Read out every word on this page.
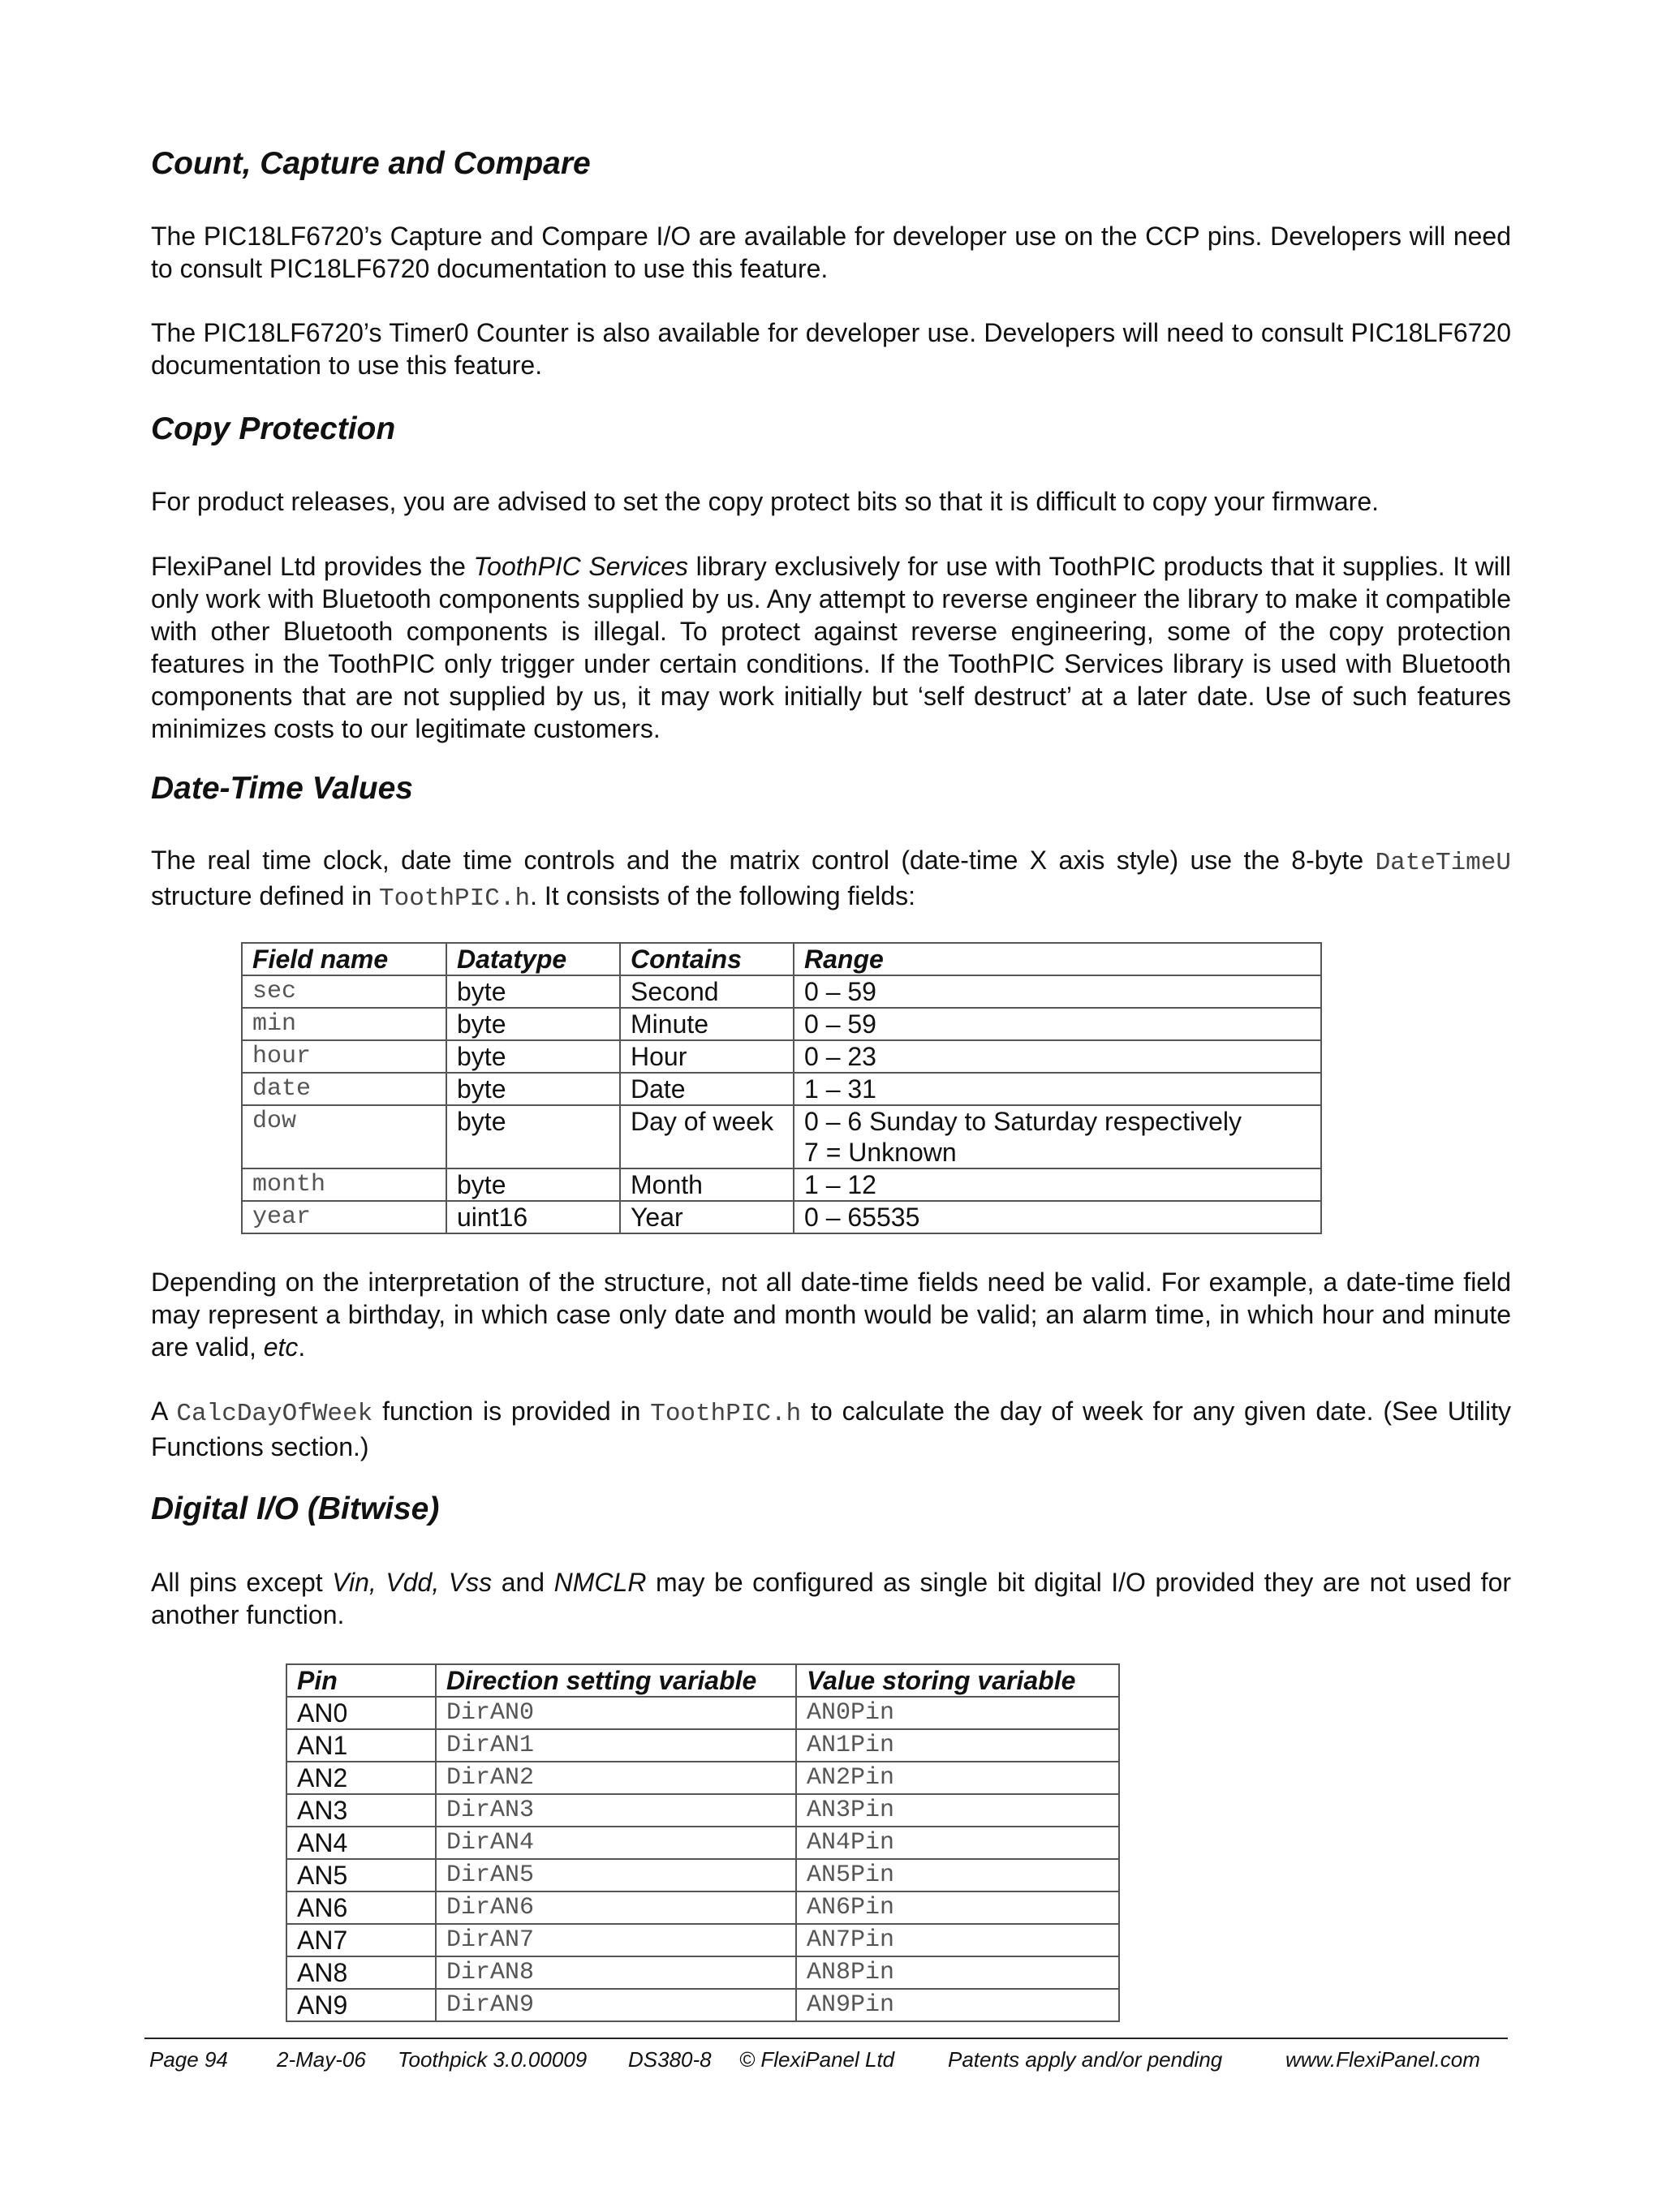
Count, Capture and Compare

The PIC18LF6720’s Capture and Compare I/O are available for developer use on the CCP pins. Developers will need to consult PIC18LF6720 documentation to use this feature.

The PIC18LF6720’s Timer0 Counter is also available for developer use. Developers will need to consult PIC18LF6720 documentation to use this feature.

Copy Protection

For product releases, you are advised to set the copy protect bits so that it is difficult to copy your firmware.

FlexiPanel Ltd provides the ToothPIC Services library exclusively for use with ToothPIC products that it supplies. It will only work with Bluetooth components supplied by us. Any attempt to reverse engineer the library to make it compatible with other Bluetooth components is illegal. To protect against reverse engineering, some of the copy protection features in the ToothPIC only trigger under certain conditions. If the ToothPIC Services library is used with Bluetooth components that are not supplied by us, it may work initially but ‘self destruct’ at a later date. Use of such features minimizes costs to our legitimate customers.

Date-Time Values

The real time clock, date time controls and the matrix control (date-time X axis style) use the 8-byte DateTimeU structure defined in ToothPIC.h. It consists of the following fields:

Field name	Datatype	Contains	Range
sec	byte	Second	0 – 59
min	byte	Minute	0 – 59
hour	byte	Hour	0 – 23
date	byte	Date	1 – 31
dow	byte	Day of week	0 – 6 Sunday to Saturday respectively
7 = Unknown

month	byte	Month	1 – 12
year	uint16	Year	0 – 65535

Depending on the interpretation of the structure, not all date-time fields need be valid. For example, a date-time field may represent a birthday, in which case only date and month would be valid; an alarm time, in which hour and minute are valid, etc.

A CalcDayOfWeek function is provided in ToothPIC.h to calculate the day of week for any given date. (See Utility Functions section.)

Digital I/O (Bitwise)

All pins except Vin, Vdd, Vss and NMCLR may be configured as single bit digital I/O provided they are not used for another function.

Pin	Direction setting variable	Value storing variable
AN0	DirAN0	AN0Pin
AN1	DirAN1	AN1Pin
AN2	DirAN2	AN2Pin
AN3	DirAN3	AN3Pin
AN4	DirAN4	AN4Pin
AN5	DirAN5	AN5Pin
AN6	DirAN6	AN6Pin
AN7	DirAN7	AN7Pin
AN8	DirAN8	AN8Pin
AN9	DirAN9	AN9Pin
Page 94 2-May-06 Toothpick 3.0.00009 DS380-8 © FlexiPanel Ltd	Patents apply and/or pending	www.FlexiPanel.com
